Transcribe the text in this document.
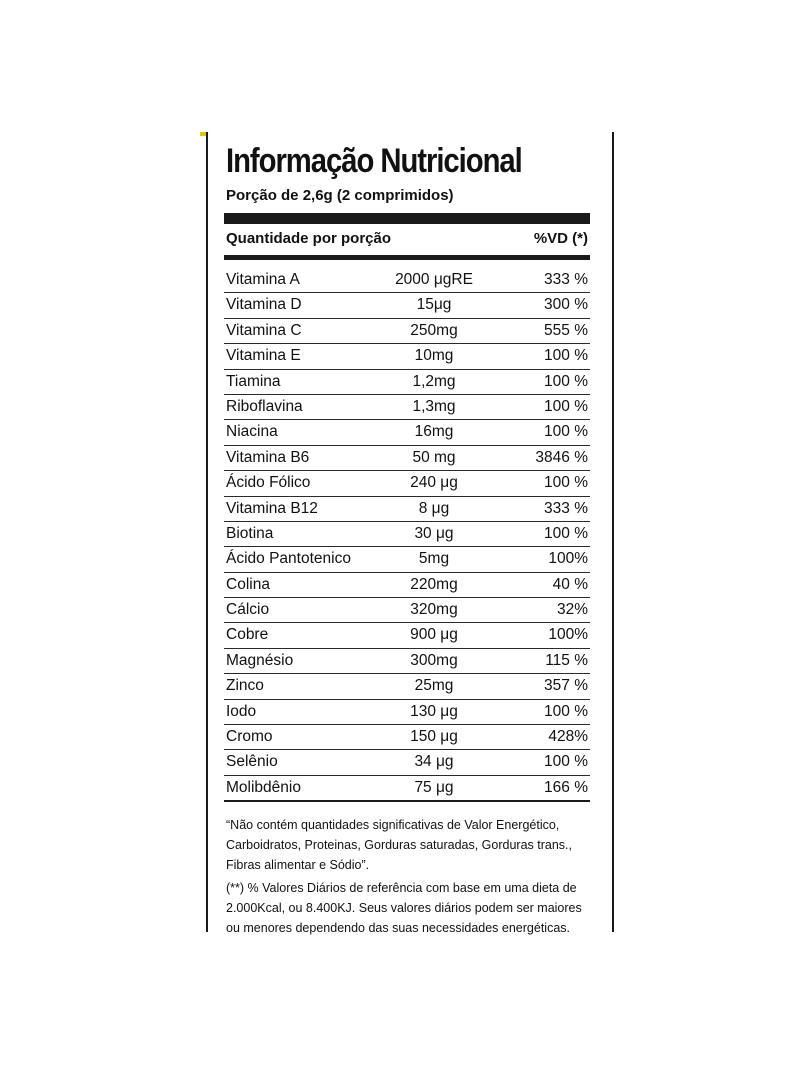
Informação Nutricional
Porção de 2,6g (2 comprimidos)
Quantidade por porção	%VD (*)
Vitamina A	2000 μgRE	333 %
Vitamina D	15μg	300 %
Vitamina C	250mg	555 %
Vitamina E	10mg	100 %
Tiamina	1,2mg	100 %
Riboflavina	1,3mg	100 %
Niacina	16mg	100 %
Vitamina B6	50 mg	3846 %
Ácido Fólico	240 μg	100 %
Vitamina B12	8 μg	333 %
Biotina	30 μg	100 %
Ácido Pantotenico	5mg	100%
Colina	220mg	40 %
Cálcio	320mg	32%
Cobre	900 μg	100%
Magnésio	300mg	115 %
Zinco	25mg	357 %
Iodo	130 μg	100 %
Cromo	150 μg	428%
Selênio	34 μg	100 %
Molibdênio	75 μg	166 %
“Não contém quantidades significativas de Valor Energético,
Carboidratos, Proteinas, Gorduras saturadas, Gorduras trans.,
Fibras alimentar e Sódio”.
(**) % Valores Diários de referência com base em uma dieta de
2.000Kcal, ou 8.400KJ. Seus valores diários podem ser maiores
ou menores dependendo das suas necessidades energéticas.
